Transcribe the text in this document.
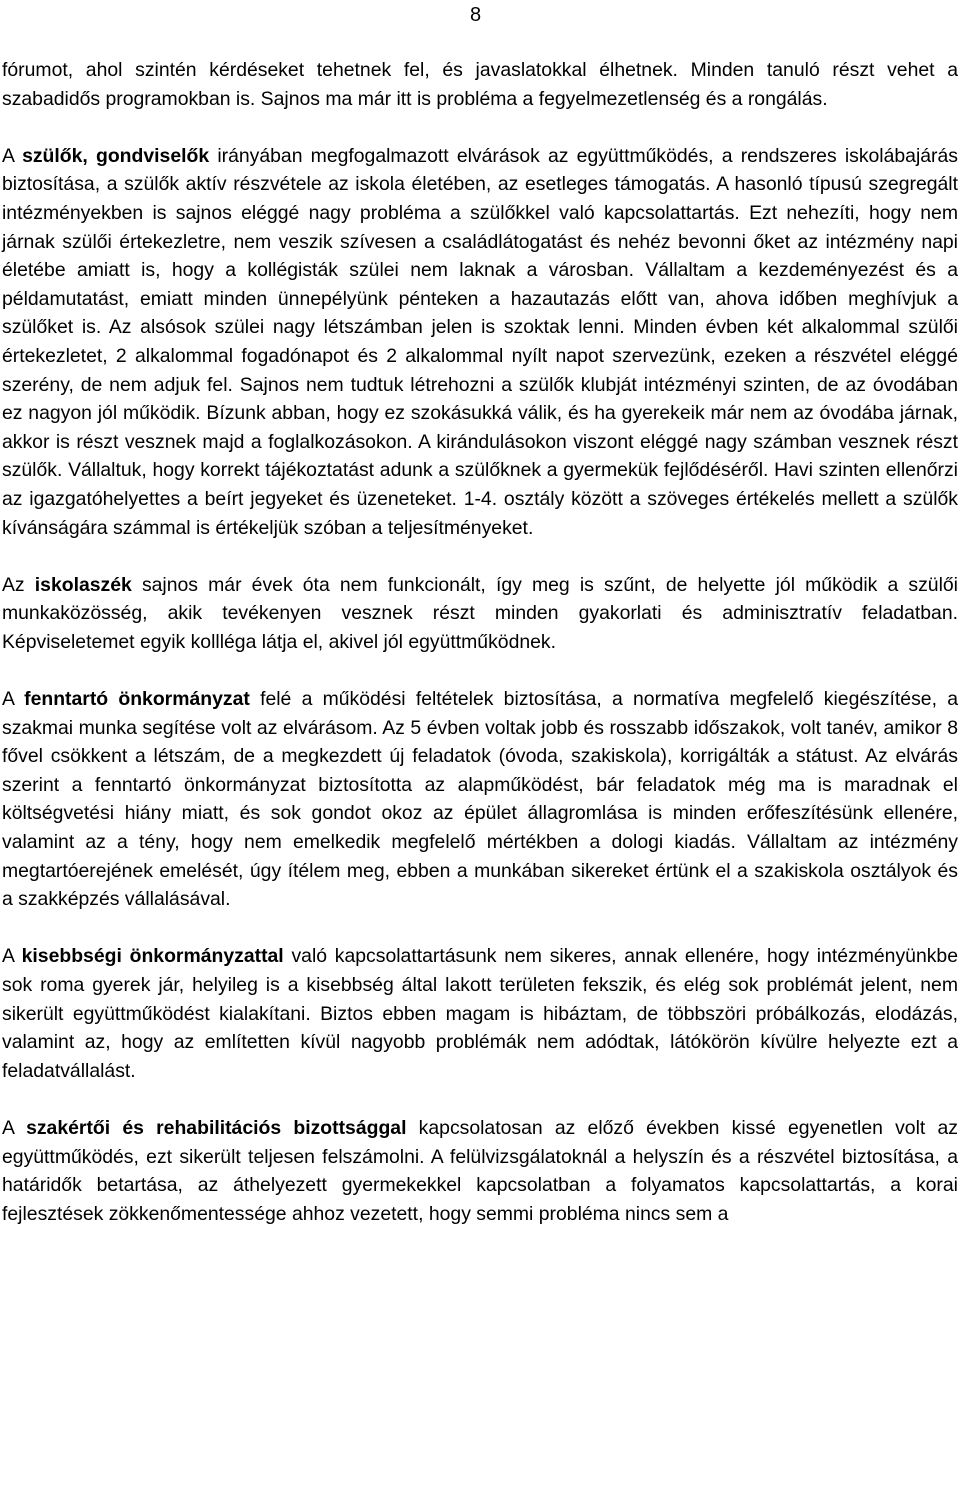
8

fórumot, ahol szintén kérdéseket tehetnek fel, és javaslatokkal élhetnek. Minden tanuló részt vehet a szabadidős programokban is. Sajnos ma már itt is probléma a fegyelmezetlenség és a rongálás.

A szülők, gondviselők irányában megfogalmazott elvárások az együttműködés, a rendszeres iskolábajárás biztosítása, a szülők aktív részvétele az iskola életében, az esetleges támogatás. A hasonló típusú szegregált intézményekben is sajnos eléggé nagy probléma a szülőkkel való kapcsolattartás. Ezt nehezíti, hogy nem járnak szülői értekezletre, nem veszik szívesen a családlátogatást és nehéz bevonni őket az intézmény napi életébe amiatt is, hogy a kollégisták szülei nem laknak a városban. Vállaltam a kezdeményezést és a példamutatást, emiatt minden ünnepélyünk pénteken a hazautazás előtt van, ahova időben meghívjuk a szülőket is. Az alsósok szülei nagy létszámban jelen is szoktak lenni. Minden évben két alkalommal szülői értekezletet, 2 alkalommal fogadónapot és 2 alkalommal nyílt napot szervezünk, ezeken a részvétel eléggé szerény, de nem adjuk fel. Sajnos nem tudtuk létrehozni a szülők klubját intézményi szinten, de az óvodában ez nagyon jól működik. Bízunk abban, hogy ez szokásukká válik, és ha gyerekeik már nem az óvodába járnak, akkor is részt vesznek majd a foglalkozásokon. A kirándulásokon viszont eléggé nagy számban vesznek részt szülők. Vállaltuk, hogy korrekt tájékoztatást adunk a szülőknek a gyermekük fejlődéséről. Havi szinten ellenőrzi az igazgatóhelyettes a beírt jegyeket és üzeneteket. 1-4. osztály között a szöveges értékelés mellett a szülők kívánságára számmal is értékeljük szóban a teljesítményeket.

Az iskolaszék sajnos már évek óta nem funkcionált, így meg is szűnt, de helyette jól működik a szülői munkaközösség, akik tevékenyen vesznek részt minden gyakorlati és adminisztratív feladatban. Képviseletemet egyik kollléga látja el, akivel jól együttműködnek.

A fenntartó önkormányzat felé a működési feltételek biztosítása, a normatíva megfelelő kiegészítése, a szakmai munka segítése volt az elvárásom. Az 5 évben voltak jobb és rosszabb időszakok, volt tanév, amikor 8 fővel csökkent a létszám, de a megkezdett új feladatok (óvoda, szakiskola), korrigálták a státust. Az elvárás szerint a fenntartó önkormányzat biztosította az alapműködést, bár feladatok még ma is maradnak el költségvetési hiány miatt, és sok gondot okoz az épület állagromlása is minden erőfeszítésünk ellenére, valamint az a tény, hogy nem emelkedik megfelelő mértékben a dologi kiadás. Vállaltam az intézmény megtartóerejének emelését, úgy ítélem meg, ebben a munkában sikereket értünk el a szakiskola osztályok és a szakképzés vállalásával.

A kisebbségi önkormányzattal való kapcsolattartásunk nem sikeres, annak ellenére, hogy intézményünkbe sok roma gyerek jár, helyileg is a kisebbség által lakott területen fekszik, és elég sok problémát jelent, nem sikerült együttműködést kialakítani. Biztos ebben magam is hibáztam, de többszöri próbálkozás, elodázás, valamint az, hogy az említetten kívül nagyobb problémák nem adódtak, látókörön kívülre helyezte ezt a feladatvállalást.

A szakértői és rehabilitációs bizottsággal kapcsolatosan az előző években kissé egyenetlen volt az együttműködés, ezt sikerült teljesen felszámolni. A felülvizsgálatoknál a helyszín és a részvétel biztosítása, a határidők betartása, az áthelyezett gyermekekkel kapcsolatban a folyamatos kapcsolattartás, a korai fejlesztések zökkenőmentessége ahhoz vezetett, hogy semmi probléma nincs sem a
